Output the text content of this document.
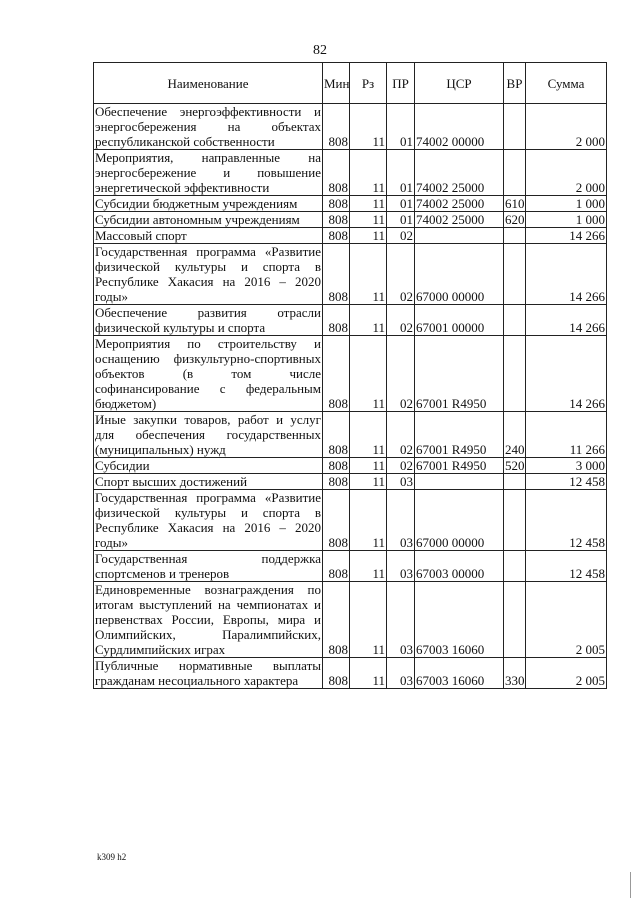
82
Наименование	Мин	Рз	ПР	ЦСР	ВР	Сумма
Обеспечение энергоэффективности и энергосбережения на объектах республиканской собственности	808	11	01	74002 00000		2 000
Мероприятия, направленные на энергосбережение и повышение энергетической эффективности	808	11	01	74002 25000		2 000
Субсидии бюджетным учреждениям	808	11	01	74002 25000	610	1 000
Субсидии автономным учреждениям	808	11	01	74002 25000	620	1 000
Массовый спорт	808	11	02			14 266
Государственная программа «Развитие физической культуры и спорта в Республике Хакасия на 2016 – 2020 годы»	808	11	02	67000 00000		14 266
Обеспечение развития отрасли физической культуры и спорта	808	11	02	67001 00000		14 266
Мероприятия по строительству и оснащению физкультурно-спортивных объектов (в том числе софинансирование с федеральным бюджетом)	808	11	02	67001 R4950		14 266
Иные закупки товаров, работ и услуг для обеспечения государственных (муниципальных) нужд	808	11	02	67001 R4950	240	11 266
Субсидии	808	11	02	67001 R4950	520	3 000
Спорт высших достижений	808	11	03			12 458
Государственная программа «Развитие физической культуры и спорта в Республике Хакасия на 2016 – 2020 годы»	808	11	03	67000 00000		12 458
Государственная поддержка спортсменов и тренеров	808	11	03	67003 00000		12 458
Единовременные вознаграждения по итогам выступлений на чемпионатах и первенствах России, Европы, мира и Олимпийских, Паралимпийских, Сурдлимпийских играх	808	11	03	67003 16060		2 005
Публичные нормативные выплаты гражданам несоциального характера	808	11	03	67003 16060	330	2 005
k309 h2
